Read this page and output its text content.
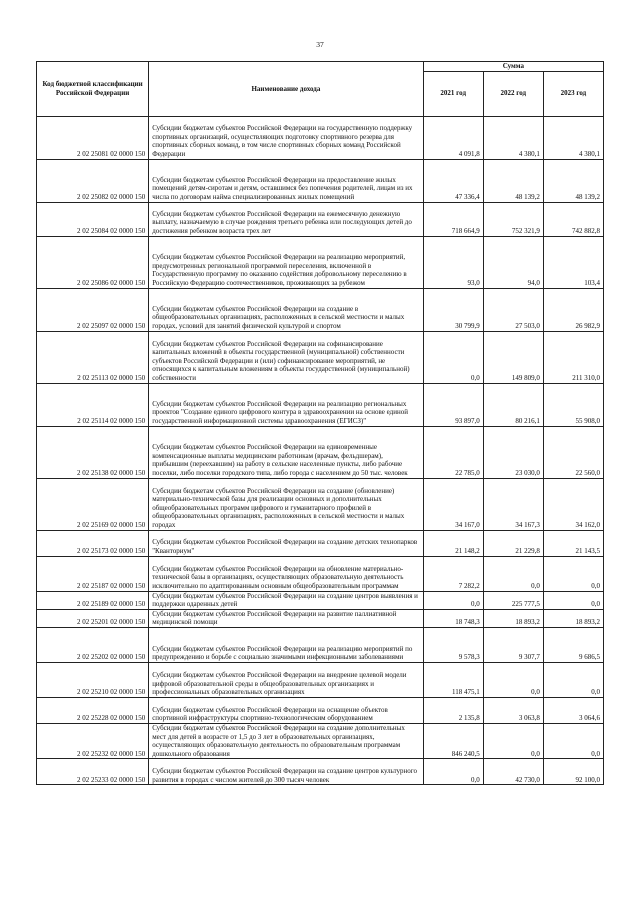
37
Код бюджетной классификации Российской Федерации	Наименование дохода	Сумма		
		2021 год	2022 год	2023 год
2 02 25081 02 0000 150	Субсидии бюджетам субъектов Российской Федерации на государственную поддержку спортивных организаций, осуществляющих подготовку спортивного резерва для спортивных сборных команд, в том числе спортивных сборных команд Российской Федерации	4 091,8	4 380,1	4 380,1
2 02 25082 02 0000 150	Субсидии бюджетам субъектов Российской Федерации на предоставление жилых помещений детям-сиротам и детям, оставшимся без попечения родителей, лицам из их числа по договорам найма специализированных жилых помещений	47 336,4	48 139,2	48 139,2
2 02 25084 02 0000 150	Субсидии бюджетам субъектов Российской Федерации на ежемесячную денежную выплату, назначаемую в случае рождения третьего ребенка или последующих детей до достижения ребенком возраста трех лет	718 664,9	752 321,9	742 882,8
2 02 25086 02 0000 150	Субсидии бюджетам субъектов Российской Федерации на реализацию мероприятий, предусмотренных региональной программой переселения, включенной в Государственную программу по оказанию содействия добровольному переселению в Российскую Федерацию соотечественников, проживающих за рубежом	93,0	94,0	103,4
2 02 25097 02 0000 150	Субсидии бюджетам субъектов Российской Федерации на создание в общеобразовательных организациях, расположенных в сельской местности и малых городах, условий для занятий физической культурой и спортом	30 799,9	27 503,0	26 982,9
2 02 25113 02 0000 150	Субсидии бюджетам субъектов Российской Федерации на софинансирование капитальных вложений в объекты государственной (муниципальной) собственности субъектов Российской Федерации и (или) софинансирование мероприятий, не относящихся к капитальным вложениям в объекты государственной (муниципальной) собственности	0,0	149 809,0	211 310,0
2 02 25114 02 0000 150	Субсидии бюджетам субъектов Российской Федерации на реализацию региональных проектов "Создание единого цифрового контура в здравоохранении на основе единой государственной информационной системы здравоохранения (ЕГИСЗ)"	93 897,0	80 216,1	55 908,0
2 02 25138 02 0000 150	Субсидии бюджетам субъектов Российской Федерации на единовременные компенсационные выплаты медицинским работникам (врачам, фельдшерам), прибывшим (переехавшим) на работу в сельские населенные пункты, либо рабочие поселки, либо поселки городского типа, либо города с населением до 50 тыс. человек	22 785,0	23 030,0	22 560,0
2 02 25169 02 0000 150	Субсидии бюджетам субъектов Российской Федерации на создание (обновление) материально-технической базы для реализации основных и дополнительных общеобразовательных программ цифрового и гуманитарного профилей в общеобразовательных организациях, расположенных в сельской местности и малых городах	34 167,0	34 167,3	34 162,0
2 02 25173 02 0000 150	Субсидии бюджетам субъектов Российской Федерации на создание детских технопарков "Кванториум"	21 148,2	21 229,8	21 143,5
2 02 25187 02 0000 150	Субсидии бюджетам субъектов Российской Федерации на обновление материально-технической базы в организациях, осуществляющих образовательную деятельность исключительно по адаптированным основным общеобразовательным программам	7 282,2	0,0	0,0
2 02 25189 02 0000 150	Субсидии бюджетам субъектов Российской Федерации на создание центров выявления и поддержки одаренных детей	0,0	225 777,5	0,0
2 02 25201 02 0000 150	Субсидии бюджетам субъектов Российской Федерации на развитие паллиативной медицинской помощи	18 748,3	18 893,2	18 893,2
2 02 25202 02 0000 150	Субсидии бюджетам субъектов Российской Федерации на реализацию мероприятий по предупреждению и борьбе с социально значимыми инфекционными заболеваниями	9 578,3	9 307,7	9 686,5
2 02 25210 02 0000 150	Субсидии бюджетам субъектов Российской Федерации на внедрение целевой модели цифровой образовательной среды в общеобразовательных организациях и профессиональных образовательных организациях	118 475,1	0,0	0,0
2 02 25228 02 0000 150	Субсидии бюджетам субъектов Российской Федерации на оснащение объектов спортивной инфраструктуры спортивно-технологическим оборудованием	2 135,8	3 063,8	3 064,6
2 02 25232 02 0000 150	Субсидии бюджетам субъектов Российской Федерации на создание дополнительных мест для детей в возрасте от 1,5 до 3 лет в образовательных организациях, осуществляющих образовательную деятельность по образовательным программам дошкольного образования	846 240,5	0,0	0,0
2 02 25233 02 0000 150	Субсидии бюджетам субъектов Российской Федерации на создание центров культурного развития в городах с числом жителей до 300 тысяч человек	0,0	42 730,0	92 100,0
